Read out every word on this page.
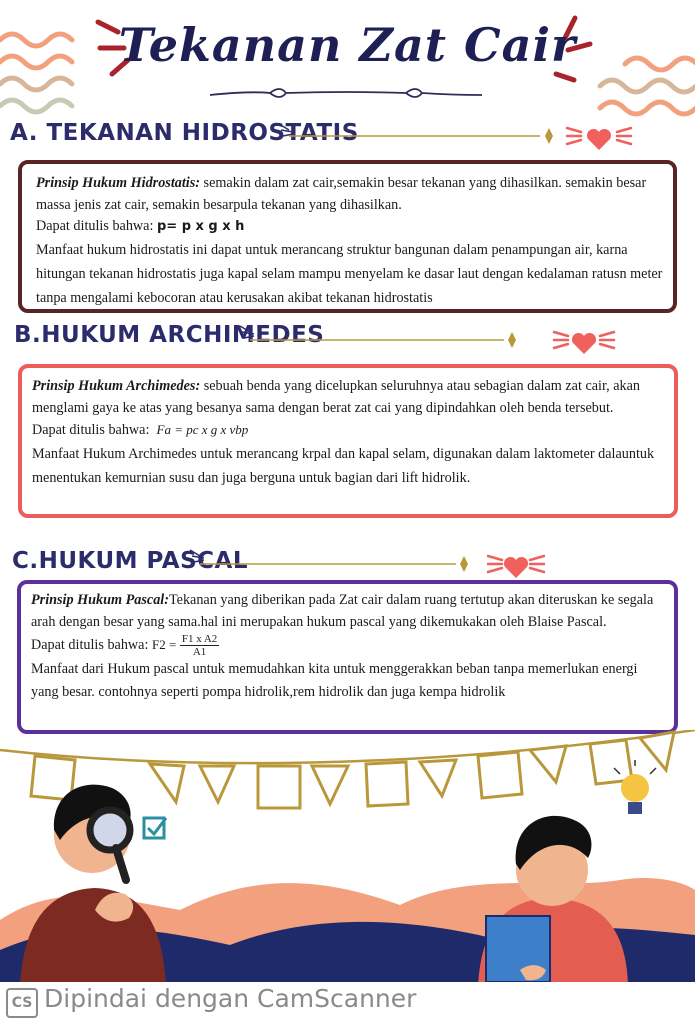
Tekanan Zat Cair
A. TEKANAN HIDROSTATIS

Prinsip Hukum Hidrostatis: semakin dalam zat cair,semakin besar tekanan yang dihasilkan. semakin besar massa jenis zat cair, semakin besarpula tekanan yang dihasilkan.

Dapat ditulis bahwa: p= p x g x h

Manfaat hukum hidrostatis ini dapat untuk merancang struktur bangunan dalam penampungan air, karna hitungan tekanan hidrostatis juga kapal selam mampu menyelam ke dasar laut dengan kedalaman ratusn meter tanpa mengalami kebocoran atau kerusakan akibat tekanan hidrostatis

B.HUKUM ARCHIMEDES

Prinsip Hukum Archimedes: sebuah benda yang dicelupkan seluruhnya atau sebagian dalam zat cair, akan menglami gaya ke atas yang besanya sama dengan berat zat cai yang dipindahkan oleh benda tersebut.

Dapat ditulis bahwa: Fa = pc x g x vbp

Manfaat Hukum Archimedes untuk merancang krpal dan kapal selam, digunakan dalam laktometer dalauntuk menentukan kemurnian susu dan juga berguna untuk bagian dari lift hidrolik.

C.HUKUM PASCAL

Prinsip Hukum Pascal:Tekanan yang diberikan pada Zat cair dalam ruang tertutup akan diteruskan ke segala arah dengan besar yang sama.hal ini merupakan hukum pascal yang dikemukakan oleh Blaise Pascal.

Dapat ditulis bahwa: $F2 = \frac{\text{F1 x A2}}{A1}$

Manfaat dari Hukum pascal untuk memudahkan kita untuk menggerakkan beban tanpa memerlukan energi yang besar. contohnya seperti pompa hidrolik,rem hidrolik dan juga kempa hidrolik

CS Dipindai dengan CamScanner
